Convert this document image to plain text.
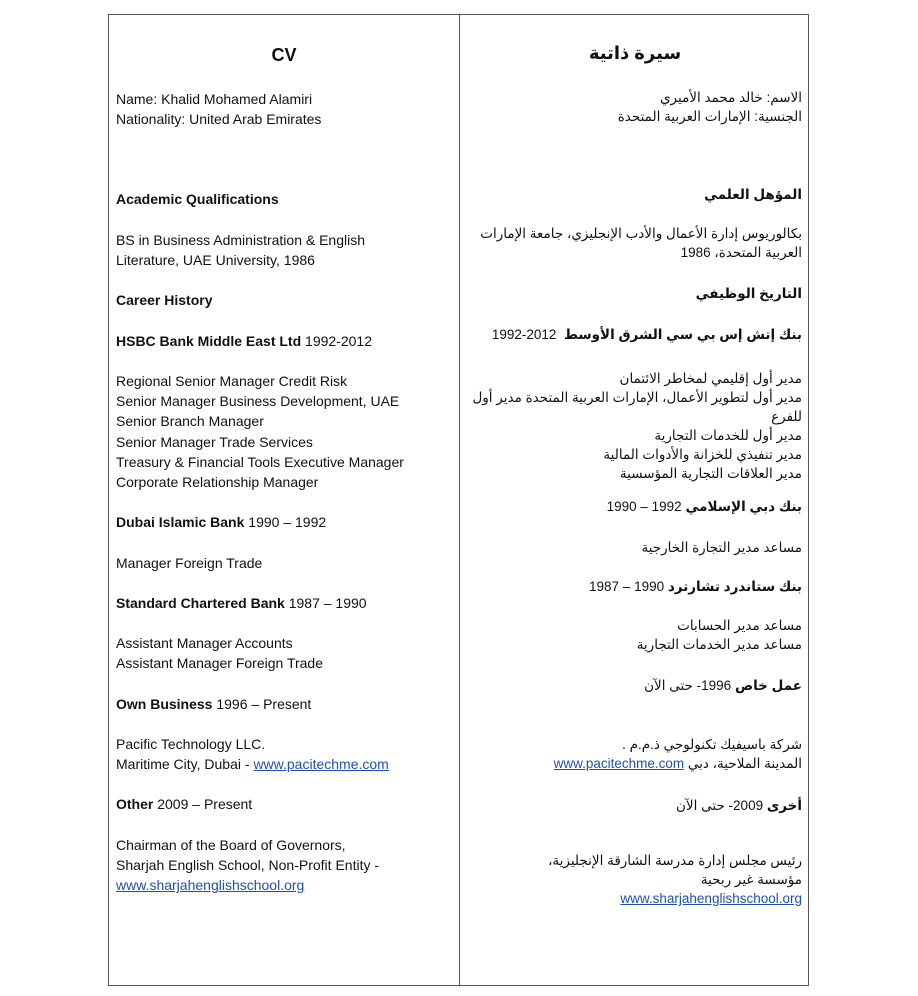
CV
Name: Khalid Mohamed Alamiri
Nationality: United Arab Emirates
Academic Qualifications
BS in Business Administration & English
Literature, UAE University, 1986
Career History
HSBC Bank Middle East Ltd 1992-2012
Regional Senior Manager Credit Risk
Senior Manager Business Development, UAE
Senior Branch Manager
Senior Manager Trade Services
Treasury & Financial Tools Executive Manager
Corporate Relationship Manager
Dubai Islamic Bank 1990 – 1992
Manager Foreign Trade
Standard Chartered Bank 1987 – 1990
Assistant Manager Accounts
Assistant Manager Foreign Trade
Own Business 1996 – Present
Pacific Technology LLC.
Maritime City, Dubai - www.pacitechme.com
Other 2009 – Present
Chairman of the Board of Governors,
Sharjah English School, Non-Profit Entity -
www.sharjahenglishschool.org
سيرة ذاتية
الاسم: خالد محمد الأميري
الجنسية: الإمارات العربية المتحدة
المؤهل العلمي
بكالوريوس إدارة الأعمال والأدب الإنجليزي، جامعة الإمارات
العربية المتحدة، 1986
التاريخ الوظيفي
بنك إتش إس بي سي الشرق الأوسط  1992-2012
مدير أول إقليمي لمخاطر الائتمان
مدير أول لتطوير الأعمال، الإمارات العربية المتحدة مدير أول
للفرع
مدير أول للخدمات التجارية
مدير تنفيذي للخزانة والأدوات المالية
مدير العلاقات التجارية المؤسسية
بنك دبي الإسلامي 1992 – 1990
مساعد مدير التجارة الخارجية
بنك ستاندرد تشارترد 1990 – 1987
مساعد مدير الحسابات
مساعد مدير الخدمات التجارية
عمل خاص 1996- حتى الآن
شركة باسيفيك تكنولوجي ذ.م.م .
المدينة الملاحية، دبي www.pacitechme.com
أخرى 2009- حتى الآن
رئيس مجلس إدارة مدرسة الشارقة الإنجليزية،
مؤسسة غير ربحية
www.sharjahenglishschool.org
